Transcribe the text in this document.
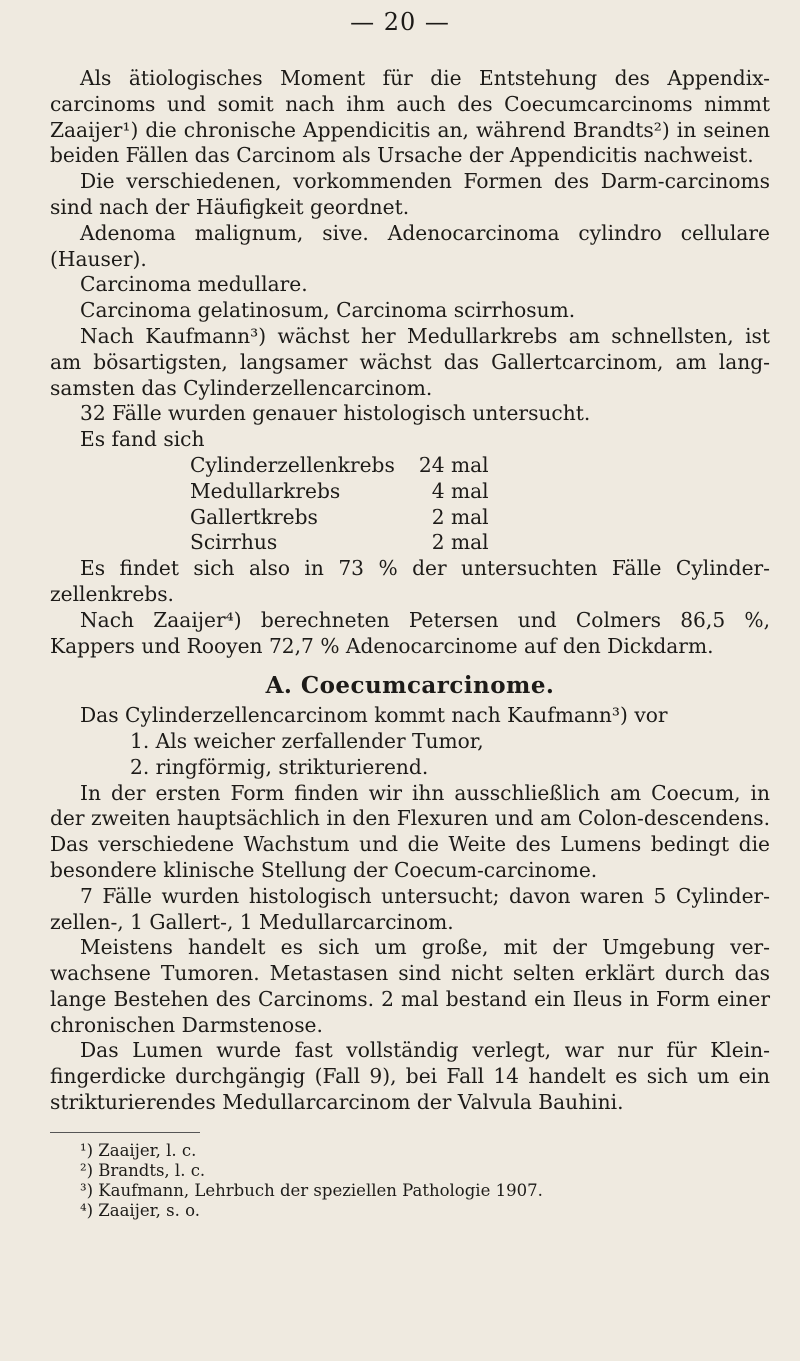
— 20 —

Als ätiologisches Moment für die Entstehung des Appendix-carcinoms und somit nach ihm auch des Coecumcarcinoms nimmt Zaaijer¹) die chronische Appendicitis an, während Brandts²) in seinen beiden Fällen das Carcinom als Ursache der Appendicitis nachweist.

Die verschiedenen, vorkommenden Formen des Darm-carcinoms sind nach der Häufigkeit geordnet.

Adenoma malignum, sive. Adenocarcinoma cylindro cellulare (Hauser).

Carcinoma medullare.

Carcinoma gelatinosum, Carcinoma scirrhosum.

Nach Kaufmann³) wächst her Medullarkrebs am schnellsten, ist am bösartigsten, langsamer wächst das Gallertcarcinom, am lang-samsten das Cylinderzellencarcinom.

32 Fälle wurden genauer histologisch untersucht.

Es fand sich

Cylinderzellenkrebs	24 mal
Medullarkrebs	4 mal
Gallertkrebs	2 mal
Scirrhus	2 mal

Es findet sich also in 73 % der untersuchten Fälle Cylinder-zellenkrebs.

Nach Zaaijer⁴) berechneten Petersen und Colmers 86,5 %, Kappers und Rooyen 72,7 % Adenocarcinome auf den Dickdarm.

A. Coecumcarcinome.

Das Cylinderzellencarcinom kommt nach Kaufmann³) vor

1. Als weicher zerfallender Tumor,
2. ringförmig, strikturierend.

In der ersten Form finden wir ihn ausschließlich am Coecum, in der zweiten hauptsächlich in den Flexuren und am Colon-descendens. Das verschiedene Wachstum und die Weite des Lumens bedingt die besondere klinische Stellung der Coecum-carcinome.

7 Fälle wurden histologisch untersucht; davon waren 5 Cylinder-zellen-, 1 Gallert-, 1 Medullarcarcinom.

Meistens handelt es sich um große, mit der Umgebung ver-wachsene Tumoren. Metastasen sind nicht selten erklärt durch das lange Bestehen des Carcinoms. 2 mal bestand ein Ileus in Form einer chronischen Darmstenose.

Das Lumen wurde fast vollständig verlegt, war nur für Klein-fingerdicke durchgängig (Fall 9), bei Fall 14 handelt es sich um ein strikturierendes Medullarcarcinom der Valvula Bauhini.

¹) Zaaijer, l. c.
²) Brandts, l. c.
³) Kaufmann, Lehrbuch der speziellen Pathologie 1907.
⁴) Zaaijer, s. o.
